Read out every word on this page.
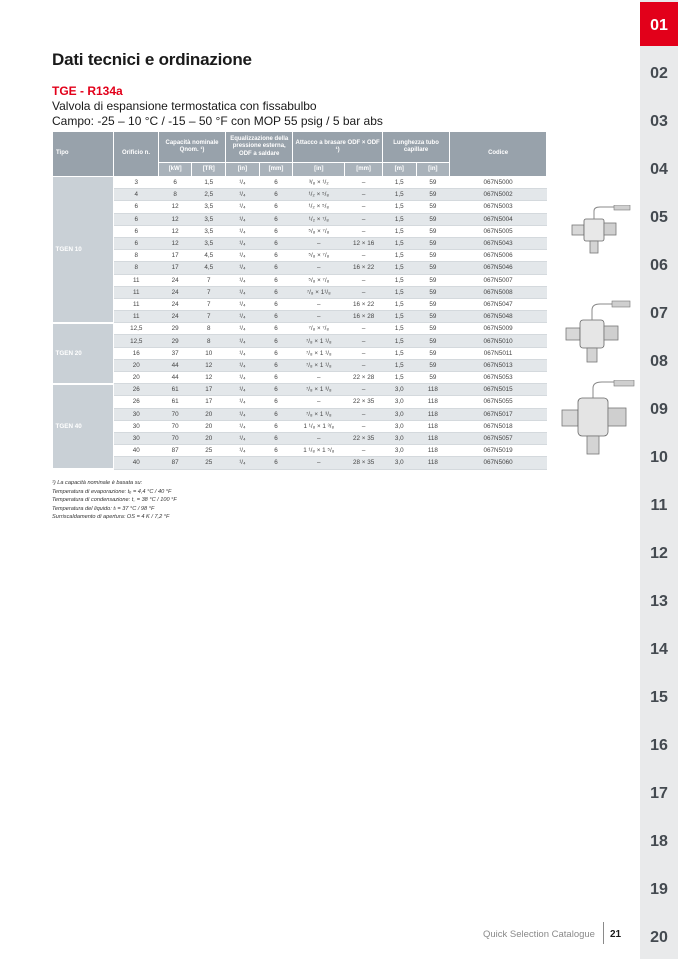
Dati tecnici e ordinazione
TGE - R134a
Valvola di espansione termostatica con fissabulbo
Campo: -25 – 10 °C / -15 – 50 °F con MOP 55 psig / 5 bar abs
Tipo	Orificio n.	Capacità nominale Qnom. ¹)		Equalizzazione della pressione esterna, ODF a saldare		Attacco a brasare ODF × ODF ¹)		Lunghezza tubo capillare		Codice
		[kW]	[TR]	[in]	[mm]	[in]	[mm]	[m]	[in]	
TGEN 10	3	6	1,5	¹/₄	6	³/₈ × ¹/₂	–	1,5	59	067N5000
	4	8	2,5	¹/₄	6	¹/₂ × ⁵/₈	–	1,5	59	067N5002
	6	12	3,5	¹/₄	6	¹/₂ × ⁵/₈	–	1,5	59	067N5003
	6	12	3,5	¹/₄	6	¹/₂ × ⁷/₈	–	1,5	59	067N5004
	6	12	3,5	¹/₄	6	⁵/₈ × ⁷/₈	–	1,5	59	067N5005
	6	12	3,5	¹/₄	6	–	12 × 16	1,5	59	067N5043
	8	17	4,5	¹/₄	6	⁵/₈ × ⁷/₈	–	1,5	59	067N5006
	8	17	4,5	¹/₄	6	–	16 × 22	1,5	59	067N5046
	11	24	7	¹/₄	6	⁵/₈ × ⁷/₈	–	1,5	59	067N5007
	11	24	7	¹/₄	6	⁷/₈ × 1¹/₈	–	1,5	59	067N5008
	11	24	7	¹/₄	6	–	16 × 22	1,5	59	067N5047
	11	24	7	¹/₄	6	–	16 × 28	1,5	59	067N5048
TGEN 20	12,5	29	8	¹/₄	6	⁷/₈ × ⁷/₈	–	1,5	59	067N5009
	12,5	29	8	¹/₄	6	⁷/₈ × 1 ¹/₈	–	1,5	59	067N5010
	16	37	10	¹/₄	6	⁷/₈ × 1 ¹/₈	–	1,5	59	067N5011
	20	44	12	¹/₄	6	⁷/₈ × 1 ¹/₈	–	1,5	59	067N5013
	20	44	12	¹/₄	6	–	22 × 28	1,5	59	067N5053
TGEN 40	26	61	17	¹/₄	6	⁷/₈ × 1 ³/₈	–	3,0	118	067N5015
	26	61	17	¹/₄	6	–	22 × 35	3,0	118	067N5055
	30	70	20	¹/₄	6	⁷/₈ × 1 ³/₈	–	3,0	118	067N5017
	30	70	20	¹/₄	6	1 ¹/₈ × 1 ³/₈	–	3,0	118	067N5018
	30	70	20	¹/₄	6	–	22 × 35	3,0	118	067N5057
	40	87	25	¹/₄	6	1 ¹/₈ × 1 ⁵/₈	–	3,0	118	067N5019
	40	87	25	¹/₄	6	–	28 × 35	3,0	118	067N5060
¹) La capacità nominale è basata su:
Temperatura di evaporazione: tₑ = 4,4 °C / 40 °F
Temperatura di condensazione: t꜀ = 38 °C / 100 °F
Temperatura del liquido: tₗ = 37 °C / 98 °F
Surriscaldamento di apertura: OS = 4 K / 7,2 °F
Quick Selection Catalogue 21
01
02
03
04
05
06
07
08
09
10
11
12
13
14
15
16
17
18
19
20
